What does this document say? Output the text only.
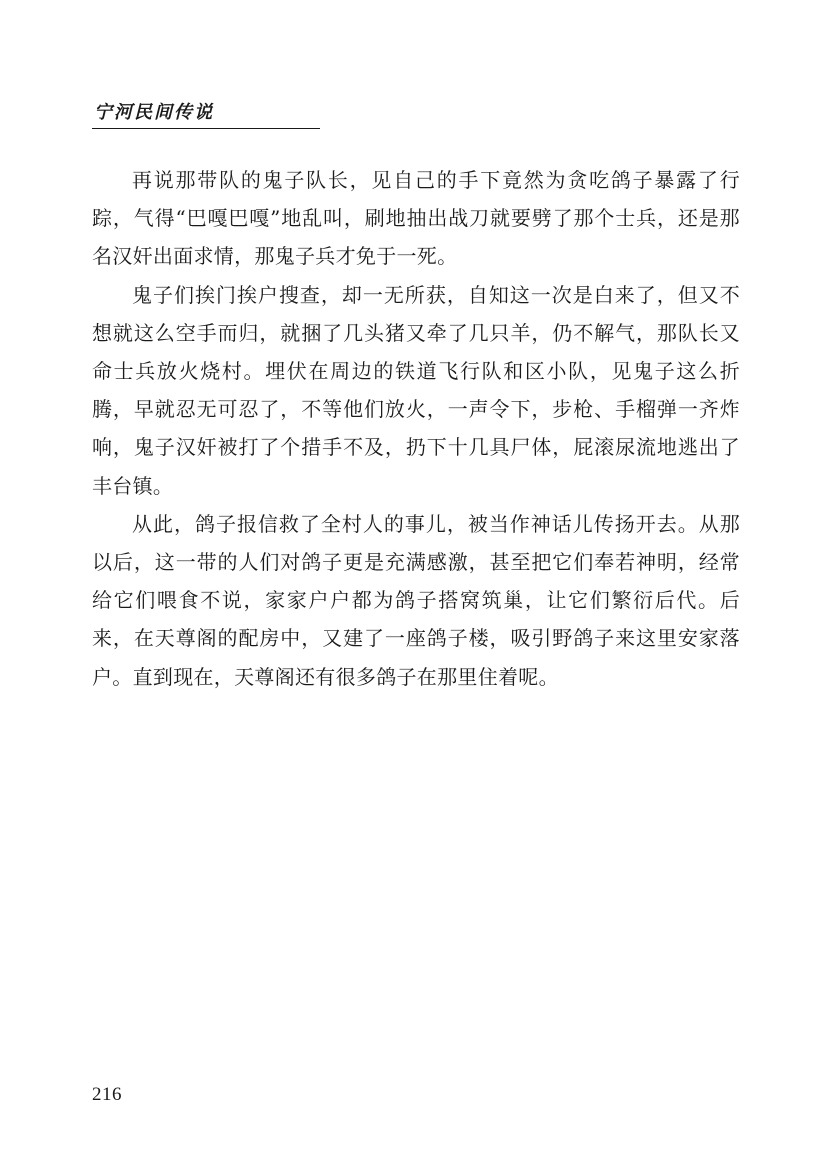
宁河民间传说

再说那带队的鬼子队长，见自己的手下竟然为贪吃鸽子暴露了行踪，气得“巴嘎巴嘎”地乱叫，刷地抽出战刀就要劈了那个士兵，还是那名汉奸出面求情，那鬼子兵才免于一死。

鬼子们挨门挨户搜查，却一无所获，自知这一次是白来了，但又不想就这么空手而归，就捆了几头猪又牵了几只羊，仍不解气，那队长又命士兵放火烧村。埋伏在周边的铁道飞行队和区小队，见鬼子这么折腾，早就忍无可忍了，不等他们放火，一声令下，步枪、手榴弹一齐炸响，鬼子汉奸被打了个措手不及，扔下十几具尸体，屁滚尿流地逃出了丰台镇。

从此，鸽子报信救了全村人的事儿，被当作神话儿传扬开去。从那以后，这一带的人们对鸽子更是充满感激，甚至把它们奉若神明，经常给它们喂食不说，家家户户都为鸽子搭窝筑巢，让它们繁衍后代。后来，在天尊阁的配房中，又建了一座鸽子楼，吸引野鸽子来这里安家落户。直到现在，天尊阁还有很多鸽子在那里住着呢。

216
